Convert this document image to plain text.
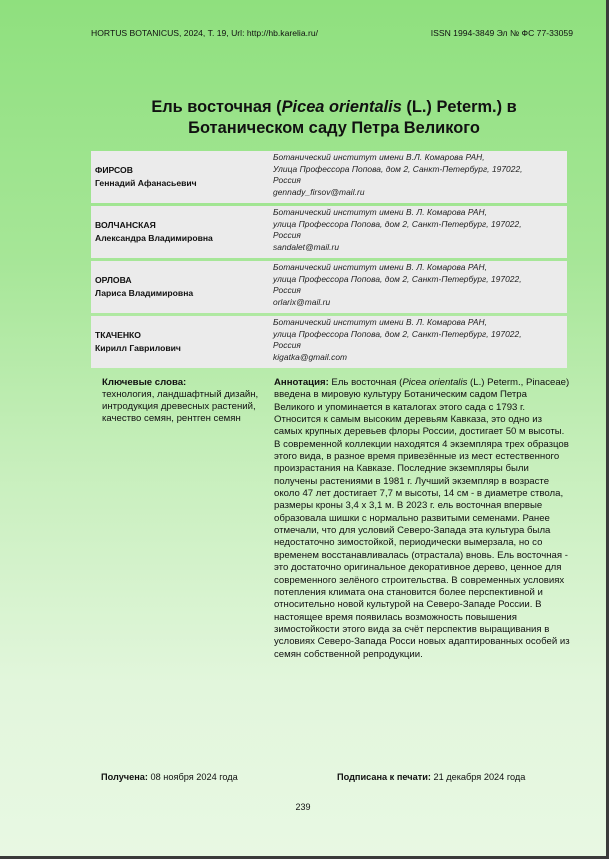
HORTUS BOTANICUS, 2024, Т. 19, Url: http://hb.karelia.ru/	ISSN 1994-3849 Эл № ФС 77-33059
Ель восточная (Picea orientalis (L.) Peterm.) в
Ботаническом саду Петра Великого
ФИРСОВ
Геннадий Афанасьевич
Ботанический институт имени В.Л. Комарова РАН,
Улица Профессора Попова, дом 2, Санкт-Петербург, 197022,
Россия
gennady_firsov@mail.ru
ВОЛЧАНСКАЯ
Александра Владимировна
Ботанический институт имени В. Л. Комарова РАН,
улица Профессора Попова, дом 2, Санкт-Петербург, 197022,
Россия
sandalet@mail.ru
ОРЛОВА
Лариса Владимировна
Ботанический институт имени В. Л. Комарова РАН,
улица Профессора Попова, дом 2, Санкт-Петербург, 197022,
Россия
orlarix@mail.ru
ТКАЧЕНКО
Кирилл Гаврилович
Ботанический институт имени В. Л. Комарова РАН,
улица Профессора Попова, дом 2, Санкт-Петербург, 197022,
Россия
kigatka@gmail.com
Ключевые слова:
технология, ландшафтный дизайн, интродукция древесных растений, качество семян, рентген семян
Аннотация: Ель восточная (Picea orientalis (L.) Peterm., Pinaceae) введена в мировую культуру Ботаническим садом Петра Великого и упоминается в каталогах этого сада с 1793 г. Относится к самым высоким деревьям Кавказа, это одно из самых крупных деревьев флоры России, достигает 50 м высоты. В современной коллекции находятся 4 экземпляра трех образцов этого вида, в разное время привезённые из мест естественного произрастания на Кавказе. Последние экземпляры были получены растениями в 1981 г. Лучший экземпляр в возрасте около 47 лет достигает 7,7 м высоты, 14 см - в диаметре ствола, размеры кроны 3,4 x 3,1 м. В 2023 г. ель восточная впервые образовала шишки с нормально развитыми семенами. Ранее отмечали, что для условий Северо-Запада эта культура была недостаточно зимостойкой, периодически вымерзала, но со временем восстанавливалась (отрастала) вновь. Ель восточная - это достаточно оригинальное декоративное дерево, ценное для современного зелёного строительства. В современных условиях потепления климата она становится более перспективной и относительно новой культурой на Северо-Западе России. В настоящее время появилась возможность повышения зимостойкости этого вида за счёт перспектив выращивания в условиях Северо-Запада Росси новых адаптированных особей из семян собственной репродукции.
Получена: 08 ноября 2024 года	Подписана к печати: 21 декабря 2024 года
239
